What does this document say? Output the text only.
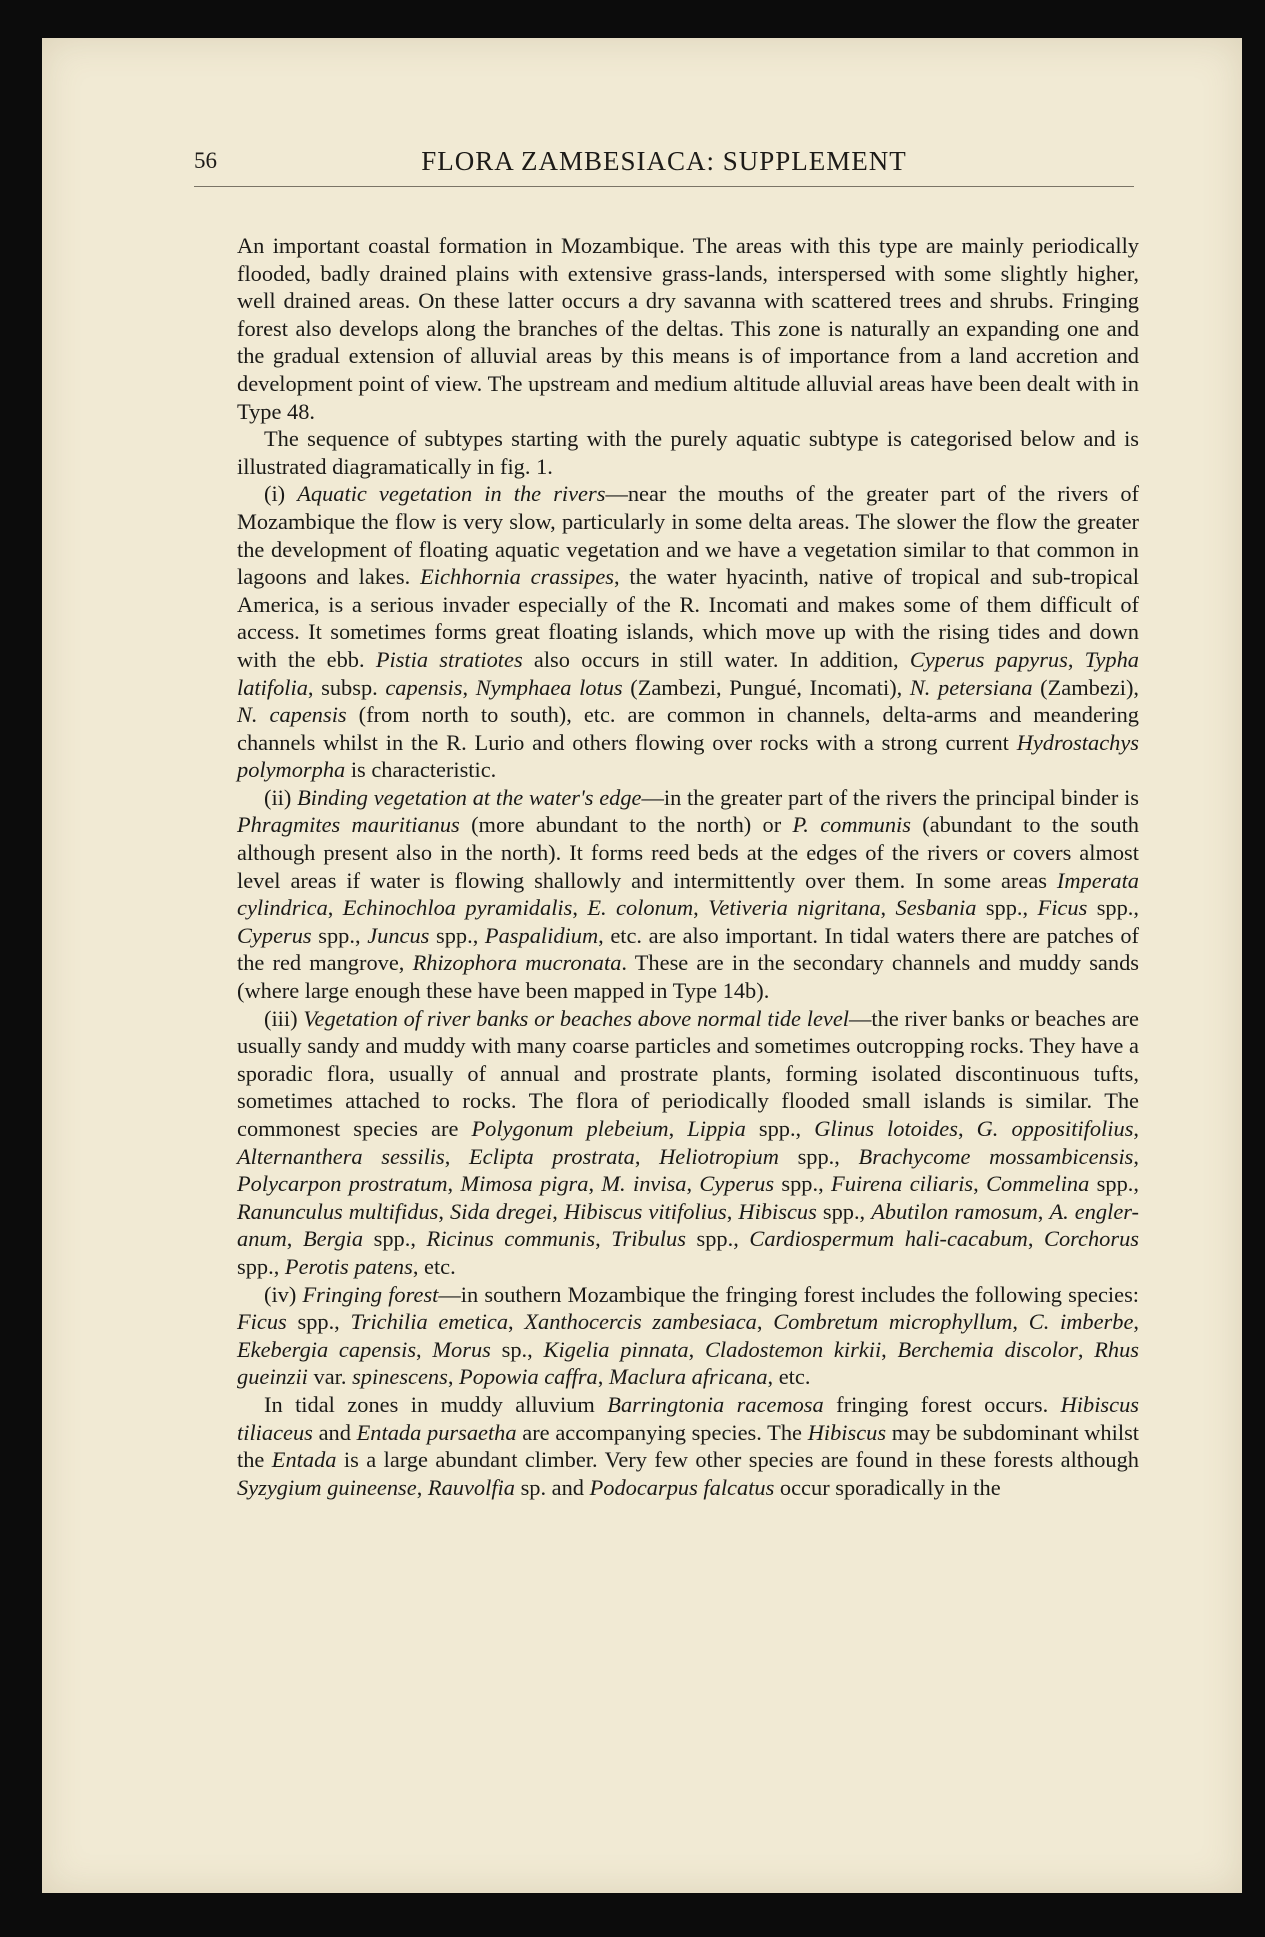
56	FLORA ZAMBESIACA: SUPPLEMENT

An important coastal formation in Mozambique. The areas with this type are mainly periodically flooded, badly drained plains with extensive grass-lands, interspersed with some slightly higher, well drained areas. On these latter occurs a dry savanna with scattered trees and shrubs. Fringing forest also develops along the branches of the deltas. This zone is naturally an expanding one and the gradual extension of alluvial areas by this means is of importance from a land accretion and development point of view. The upstream and medium altitude alluvial areas have been dealt with in Type 48.

The sequence of subtypes starting with the purely aquatic subtype is categorised below and is illustrated diagramatically in fig. 1.

(i) Aquatic vegetation in the rivers—near the mouths of the greater part of the rivers of Mozambique the flow is very slow, particularly in some delta areas. The slower the flow the greater the development of floating aquatic vegetation and we have a vegetation similar to that common in lagoons and lakes. Eichhornia crassipes, the water hyacinth, native of tropical and sub-tropical America, is a serious invader especially of the R. Incomati and makes some of them difficult of access. It sometimes forms great floating islands, which move up with the rising tides and down with the ebb. Pistia stratiotes also occurs in still water. In addition, Cyperus papyrus, Typha latifolia, subsp. capensis, Nymphaea lotus (Zambezi, Pungué, Incomati), N. petersiana (Zambezi), N. capensis (from north to south), etc. are common in channels, delta-arms and meandering channels whilst in the R. Lurio and others flowing over rocks with a strong current Hydrostachys polymorpha is characteristic.

(ii) Binding vegetation at the water's edge—in the greater part of the rivers the principal binder is Phragmites mauritianus (more abundant to the north) or P. communis (abundant to the south although present also in the north). It forms reed beds at the edges of the rivers or covers almost level areas if water is flowing shallowly and intermittently over them. In some areas Imperata cylindrica, Echinochloa pyramidalis, E. colonum, Vetiveria nigritana, Sesbania spp., Ficus spp., Cyperus spp., Juncus spp., Paspalidium, etc. are also important. In tidal waters there are patches of the red mangrove, Rhizophora mucronata. These are in the secondary channels and muddy sands (where large enough these have been mapped in Type 14b).

(iii) Vegetation of river banks or beaches above normal tide level—the river banks or beaches are usually sandy and muddy with many coarse particles and sometimes outcropping rocks. They have a sporadic flora, usually of annual and prostrate plants, forming isolated discontinuous tufts, sometimes attached to rocks. The flora of periodically flooded small islands is similar. The commonest species are Polygonum plebeium, Lippia spp., Glinus lotoides, G. oppositifolius, Alternanthera sessilis, Eclipta prostrata, Heliotropium spp., Brachycome mossambicensis, Polycarpon prostratum, Mimosa pigra, M. invisa, Cyperus spp., Fuirena ciliaris, Commelina spp., Ranunculus multifidus, Sida dregei, Hibiscus vitifolius, Hibiscus spp., Abutilon ramosum, A. engler-anum, Bergia spp., Ricinus communis, Tribulus spp., Cardiospermum hali-cacabum, Corchorus spp., Perotis patens, etc.

(iv) Fringing forest—in southern Mozambique the fringing forest includes the following species: Ficus spp., Trichilia emetica, Xanthocercis zambesiaca, Combretum microphyllum, C. imberbe, Ekebergia capensis, Morus sp., Kigelia pinnata, Cladostemon kirkii, Berchemia discolor, Rhus gueinzii var. spinescens, Popowia caffra, Maclura africana, etc.

In tidal zones in muddy alluvium Barringtonia racemosa fringing forest occurs. Hibiscus tiliaceus and Entada pursaetha are accompanying species. The Hibiscus may be subdominant whilst the Entada is a large abundant climber. Very few other species are found in these forests although Syzygium guineense, Rauvolfia sp. and Podocarpus falcatus occur sporadically in the
